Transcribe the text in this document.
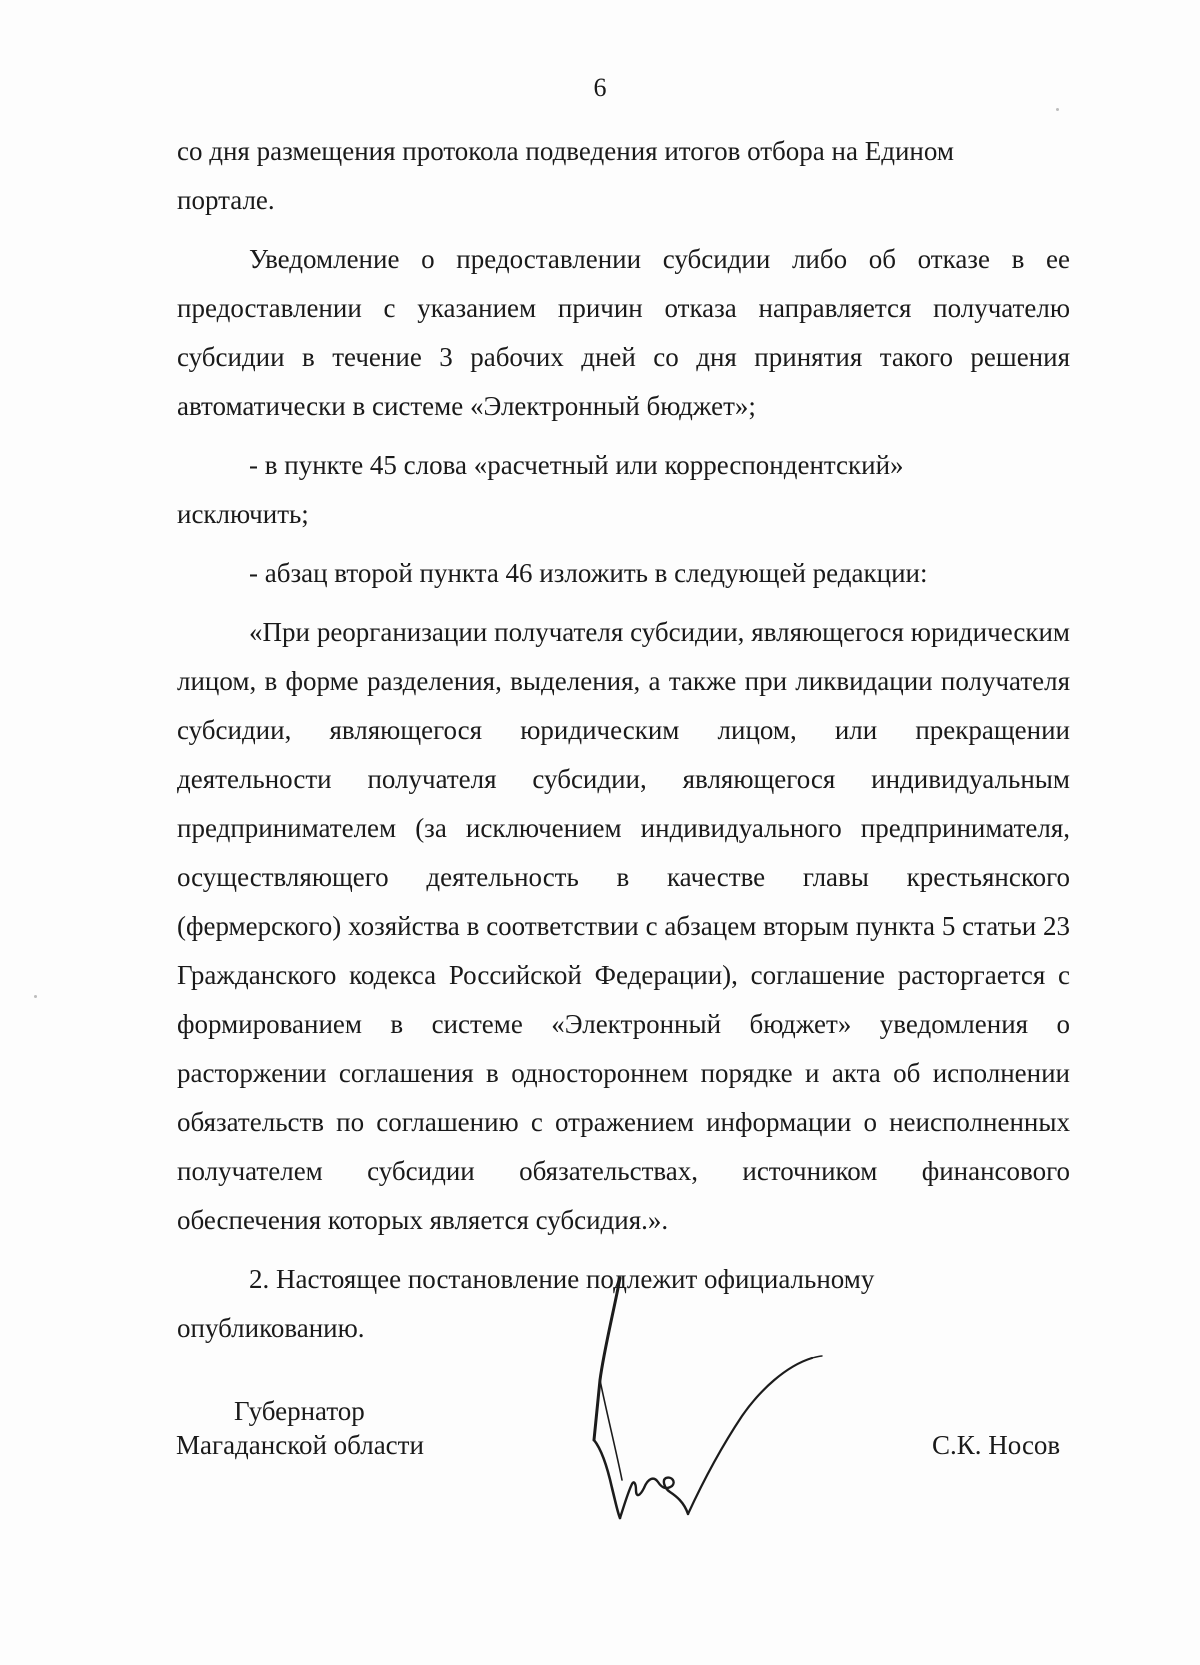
6

со дня размещения протокола подведения итогов отбора на Едином

портале.

Уведомление о предоставлении субсидии либо об отказе в ее предоставлении с указанием причин отказа направляется получателю субсидии в течение 3 рабочих дней со дня принятия такого решения автоматически в системе «Электронный бюджет»;

- в пункте 45 слова «расчетный или корреспондентский»

исключить;

- абзац второй пункта 46 изложить в следующей редакции:

«При реорганизации получателя субсидии, являющегося юридическим лицом, в форме разделения, выделения, а также при ликвидации получателя субсидии, являющегося юридическим лицом, или прекращении деятельности получателя субсидии, являющегося индивидуальным предпринимателем (за исключением индивидуального предпринимателя, осуществляющего деятельность в качестве главы крестьянского (фермерского) хозяйства в соответствии с абзацем вторым пункта 5 статьи 23 Гражданского кодекса Российской Федерации), соглашение расторгается с формированием в системе «Электронный бюджет» уведомления о расторжении соглашения в одностороннем порядке и акта об исполнении обязательств по соглашению с отражением информации о неисполненных получателем субсидии обязательствах, источником финансового обеспечения которых является субсидия.».

2. Настоящее постановление подлежит официальному

опубликованию.

Губернатор
Магаданской области	С.К. Носов
